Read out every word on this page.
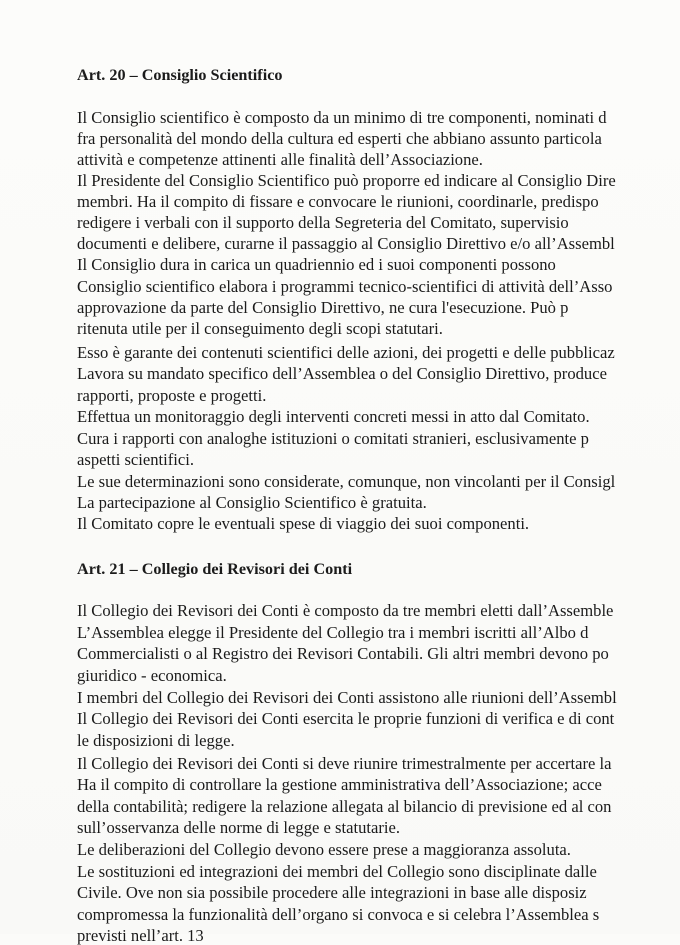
Art. 20 – Consiglio Scientifico
Il Consiglio scientifico è composto da un minimo di tre componenti, nominati d
fra personalità del mondo della cultura ed esperti che abbiano assunto particola
attività e competenze attinenti alle finalità dell’Associazione.
Il Presidente del Consiglio Scientifico può proporre ed indicare al Consiglio Dire
membri. Ha il compito di fissare e convocare le riunioni, coordinarle, predispo
redigere i verbali con il supporto della Segreteria del Comitato, supervisio
documenti e delibere, curarne il passaggio al Consiglio Direttivo e/o all’Assembl
Il Consiglio dura in carica un quadriennio ed i suoi componenti possono
Consiglio scientifico elabora i programmi tecnico-scientifici di attività dell’Asso
approvazione da parte del Consiglio Direttivo, ne cura l'esecuzione. Può p
ritenuta utile per il conseguimento degli scopi statutari.
Esso è garante dei contenuti scientifici delle azioni, dei progetti e delle pubblicaz
Lavora su mandato specifico dell’Assemblea o del Consiglio Direttivo, produce
rapporti, proposte e progetti.
Effettua un monitoraggio degli interventi concreti messi in atto dal Comitato.
Cura i rapporti con analoghe istituzioni o comitati stranieri, esclusivamente p
aspetti scientifici.
Le sue determinazioni sono considerate, comunque, non vincolanti per il Consigl
La partecipazione al Consiglio Scientifico è gratuita.
Il Comitato copre le eventuali spese di viaggio dei suoi componenti.
Art. 21 – Collegio dei Revisori dei Conti
Il Collegio dei Revisori dei Conti è composto da tre membri eletti dall’Assemble
L’Assemblea elegge il Presidente del Collegio tra i membri iscritti all’Albo d
Commercialisti o al Registro dei Revisori Contabili. Gli altri membri devono po
giuridico - economica.
I membri del Collegio dei Revisori dei Conti assistono alle riunioni dell’Assembl
Il Collegio dei Revisori dei Conti esercita le proprie funzioni di verifica e di cont
le disposizioni di legge.
Il Collegio dei Revisori dei Conti si deve riunire trimestralmente per accertare la
Ha il compito di controllare la gestione amministrativa dell’Associazione; acce
della contabilità; redigere la relazione allegata al bilancio di previsione ed al con
sull’osservanza delle norme di legge e statutarie.
Le deliberazioni del Collegio devono essere prese a maggioranza assoluta.
Le sostituzioni ed integrazioni dei membri del Collegio sono disciplinate dalle
Civile. Ove non sia possibile procedere alle integrazioni in base alle disposiz
compromessa la funzionalità dell’organo si convoca e si celebra l’Assemblea s
previsti nell’art. 13
